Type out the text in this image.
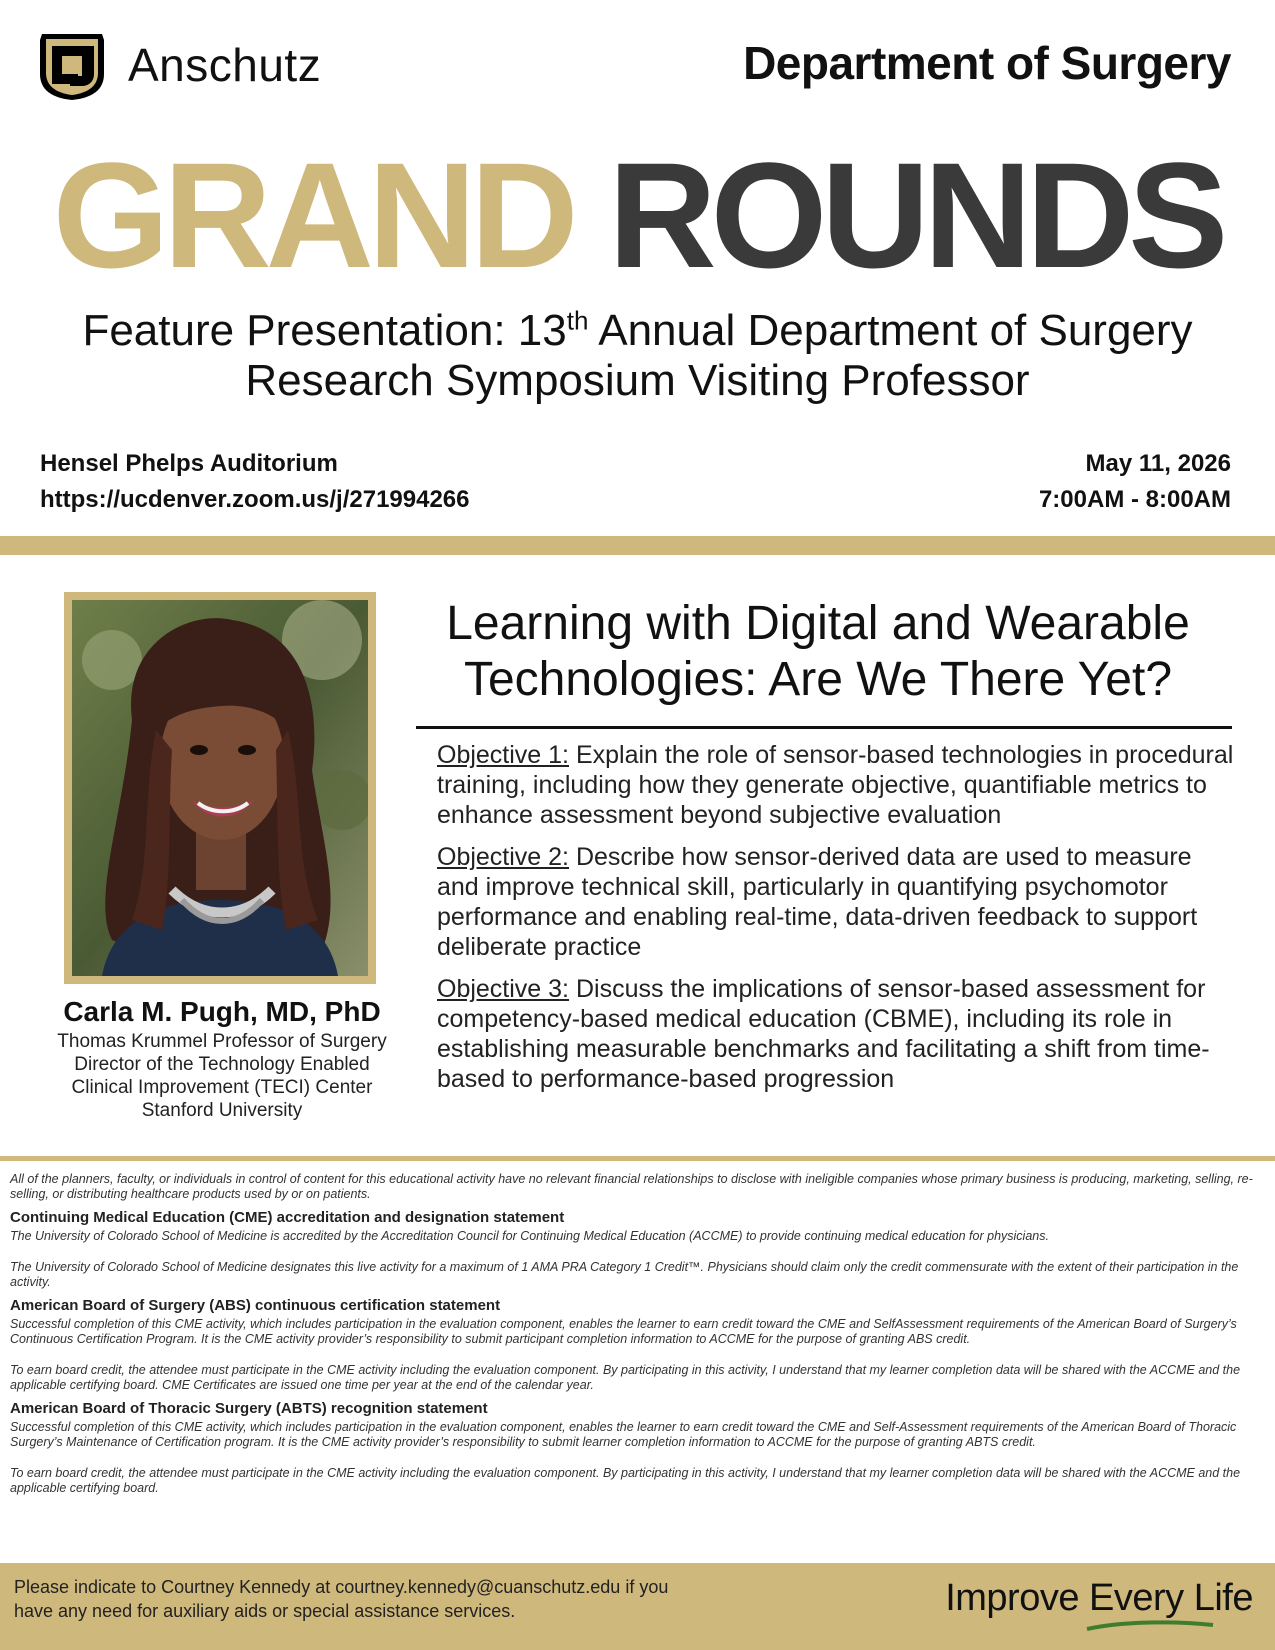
Anschutz	Department of Surgery
GRAND ROUNDS
Feature Presentation: 13th Annual Department of Surgery
Research Symposium Visiting Professor
Hensel Phelps Auditorium
https://ucdenver.zoom.us/j/271994266
May 11, 2026
7:00AM - 8:00AM
Carla M. Pugh, MD, PhD
Thomas Krummel Professor of Surgery
Director of the Technology Enabled
Clinical Improvement (TECI) Center
Stanford University
Learning with Digital and Wearable
Technologies: Are We There Yet?
Objective 1: Explain the role of sensor-based technologies in procedural training, including how they generate objective, quantifiable metrics to enhance assessment beyond subjective evaluation
Objective 2: Describe how sensor-derived data are used to measure and improve technical skill, particularly in quantifying psychomotor performance and enabling real-time, data-driven feedback to support deliberate practice
Objective 3: Discuss the implications of sensor-based assessment for competency-based medical education (CBME), including its role in establishing measurable benchmarks and facilitating a shift from time-based to performance-based progression

All of the planners, faculty, or individuals in control of content for this educational activity have no relevant financial relationships to disclose with ineligible companies whose primary business is producing, marketing, selling, re-selling, or distributing healthcare products used by or on patients.

Continuing Medical Education (CME) accreditation and designation statement

The University of Colorado School of Medicine is accredited by the Accreditation Council for Continuing Medical Education (ACCME) to provide continuing medical education for physicians.

The University of Colorado School of Medicine designates this live activity for a maximum of 1 AMA PRA Category 1 Credit™. Physicians should claim only the credit commensurate with the extent of their participation in the activity.

American Board of Surgery (ABS) continuous certification statement

Successful completion of this CME activity, which includes participation in the evaluation component, enables the learner to earn credit toward the CME and SelfAssessment requirements of the American Board of Surgery’s Continuous Certification Program. It is the CME activity provider’s responsibility to submit participant completion information to ACCME for the purpose of granting ABS credit.

To earn board credit, the attendee must participate in the CME activity including the evaluation component. By participating in this activity, I understand that my learner completion data will be shared with the ACCME and the applicable certifying board. CME Certificates are issued one time per year at the end of the calendar year.

American Board of Thoracic Surgery (ABTS) recognition statement

Successful completion of this CME activity, which includes participation in the evaluation component, enables the learner to earn credit toward the CME and Self-Assessment requirements of the American Board of Thoracic Surgery’s Maintenance of Certification program. It is the CME activity provider’s responsibility to submit learner completion information to ACCME for the purpose of granting ABTS credit.

To earn board credit, the attendee must participate in the CME activity including the evaluation component. By participating in this activity, I understand that my learner completion data will be shared with the ACCME and the applicable certifying board.

Please indicate to Courtney Kennedy at courtney.kennedy@cuanschutz.edu if you
have any need for auxiliary aids or special assistance services.	Improve Every Life
